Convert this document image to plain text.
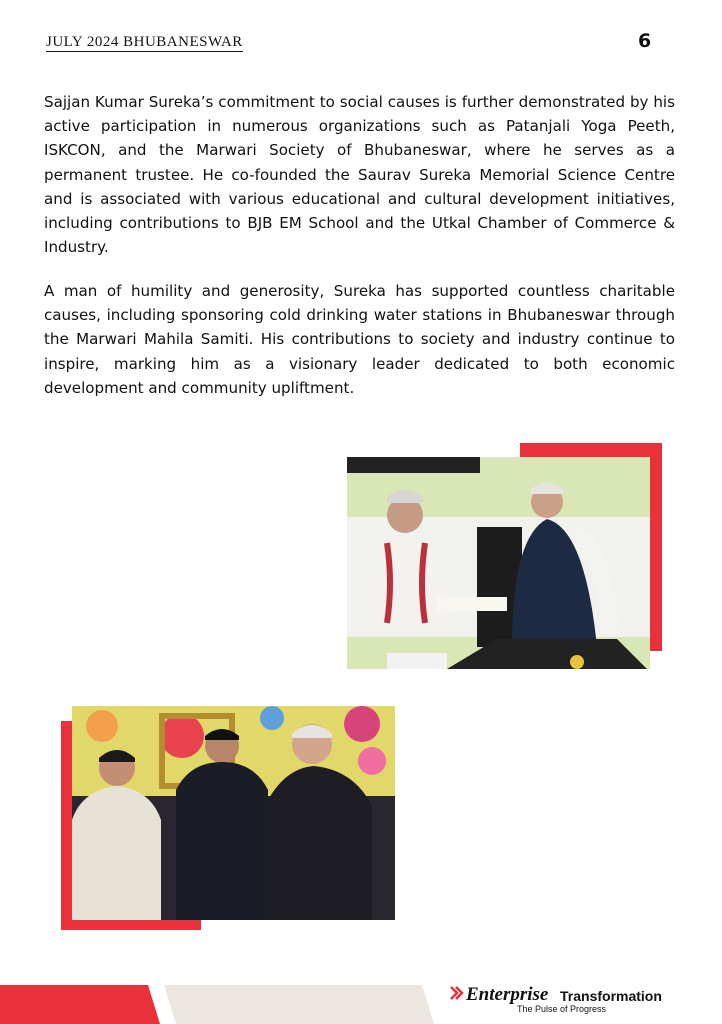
JULY 2024 BHUBANESWAR	6

Sajjan Kumar Sureka’s commitment to social causes is further demonstrated by his active participation in numerous organizations such as Patanjali Yoga Peeth, ISKCON, and the Marwari Society of Bhubaneswar, where he serves as a permanent trustee. He co-founded the Saurav Sureka Memorial Science Centre and is associated with various educational and cultural development initiatives, including contributions to BJB EM School and the Utkal Chamber of Commerce & Industry.

A man of humility and generosity, Sureka has supported countless charitable causes, including sponsoring cold drinking water stations in Bhubaneswar through the Marwari Mahila Samiti. His contributions to society and industry continue to inspire, marking him as a visionary leader dedicated to both economic development and community upliftment.

Enterprise Transformation
The Pulse of Progress
